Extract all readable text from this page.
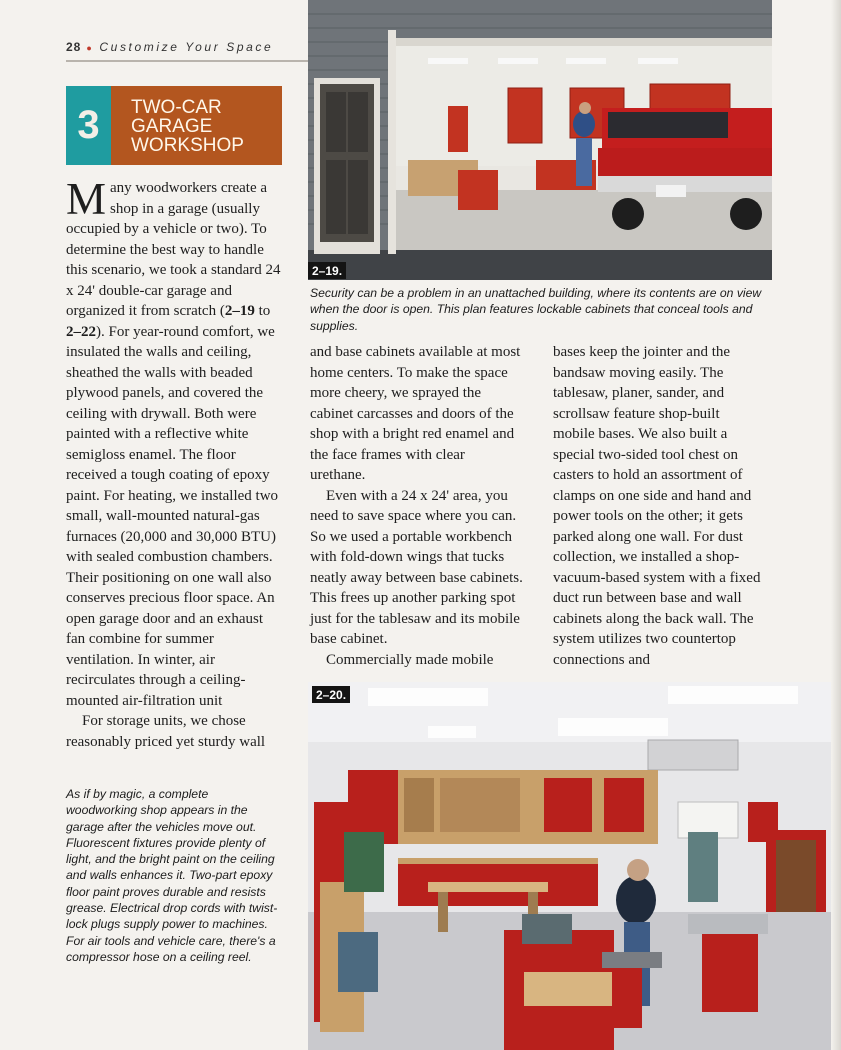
28 ● Customize Your Space
3	TWO-CAR
GARAGE
WORKSHOP
Many woodworkers create a shop in a garage (usually occupied by a vehicle or two). To determine the best way to handle this scenario, we took a standard 24 x 24' double-car garage and organized it from scratch (2–19 to 2–22). For year-round comfort, we insulated the walls and ceiling, sheathed the walls with beaded plywood panels, and covered the ceiling with drywall. Both were painted with a reflective white semigloss enamel. The floor received a tough coating of epoxy paint. For heating, we installed two small, wall-mounted natural-gas furnaces (20,000 and 30,000 BTU) with sealed combustion chambers. Their positioning on one wall also conserves precious floor space. An open garage door and an exhaust fan combine for summer ventilation. In winter, air recirculates through a ceiling-mounted air-filtration unit
For storage units, we chose reasonably priced yet sturdy wall
As if by magic, a complete woodworking shop appears in the garage after the vehicles move out. Fluorescent fixtures provide plenty of light, and the bright paint on the ceiling and walls enhances it. Two-part epoxy floor paint proves durable and resists grease. Electrical drop cords with twist-lock plugs supply power to machines. For air tools and vehicle care, there's a compressor hose on a ceiling reel.
2–19.
Security can be a problem in an unattached building, where its contents are on view when the door is open. This plan features lockable cabinets that conceal tools and supplies.
and base cabinets available at most home centers. To make the space more cheery, we sprayed the cabinet carcasses and doors of the shop with a bright red enamel and the face frames with clear urethane.
Even with a 24 x 24' area, you need to save space where you can. So we used a portable workbench with fold-down wings that tucks neatly away between base cabinets. This frees up another parking spot just for the tablesaw and its mobile base cabinet.
Commercially made mobile
bases keep the jointer and the bandsaw moving easily. The tablesaw, planer, sander, and scrollsaw feature shop-built mobile bases. We also built a special two-sided tool chest on casters to hold an assortment of clamps on one side and hand and power tools on the other; it gets parked along one wall. For dust collection, we installed a shop-vacuum-based system with a fixed duct run between base and wall cabinets along the back wall. The system utilizes two countertop connections and
2–20.
